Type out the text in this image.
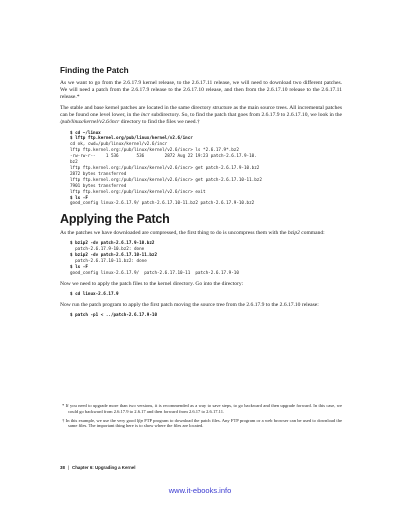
Finding the Patch

As we want to go from the 2.6.17.9 kernel release, to the 2.6.17.11 release, we will need to download two different patches. We will need a patch from the 2.6.17.9 release to the 2.6.17.10 release, and then from the 2.6.17.10 release to the 2.6.17.11 release.*

The stable and base kernel patches are located in the same directory structure as the main source trees. All incremental patches can be found one level lower, in the incr subdirectory. So, to find the patch that goes from 2.6.17.9 to 2.6.17.10, we look in the /pub/linux/kernel/v2.6/incr directory to find the files we need.†

$ cd ~/linux
$ lftp ftp.kernel.org/pub/linux/kernel/v2.6/incr
cd ok, cwd=/pub/linux/kernel/v2.6/incr
lftp ftp.kernel.org:/pub/linux/kernel/v2.6/incr> ls *2.6.17.9*.bz2
-rw-rw-r--    1 536       536        2872 Aug 22 19:23 patch-2.6.17.9-10.
bz2
lftp ftp.kernel.org:/pub/linux/kernel/v2.6/incr> get patch-2.6.17.9-10.bz2
2872 bytes transferred
lftp ftp.kernel.org:/pub/linux/kernel/v2.6/incr> get patch-2.6.17.10-11.bz2
7901 bytes transferred
lftp ftp.kernel.org:/pub/linux/kernel/v2.6/incr> exit
$ ls -F
good_config linux-2.6.17.9/ patch-2.6.17.10-11.bz2 patch-2.6.17.9-10.bz2
Applying the Patch

As the patches we have downloaded are compressed, the first thing to do is uncompress them with the bzip2 command:

$ bzip2 -dv patch-2.6.17.9-10.bz2
patch-2.6.17.9-10.bz2: done
$ bzip2 -dv patch-2.6.17.10-11.bz2
patch-2.6.17.10-11.bz2: done
$ ls -F
good_config linux-2.6.17.9/  patch-2.6.17.10-11  patch-2.6.17.9-10

Now we need to apply the patch files to the kernel directory. Go into the directory:

$ cd linux-2.6.17.9

Now run the patch program to apply the first patch moving the source tree from the 2.6.17.9 to the 2.6.17.10 release:

$ patch -p1 < ../patch-2.6.17.9-10

* If you need to upgrade more than two versions, it is recommended as a way to save steps, to go backward and then upgrade forward. In this case, we could go backward from 2.6.17.9 to 2.6.17 and then forward from 2.6.17 to 2.6.17.11.

† In this example, we use the very good lftp FTP program to download the patch files. Any FTP program or a web browser can be used to download the same files. The important thing here is to show where the files are located.

38 | Chapter 6: Upgrading a Kernel
www.it-ebooks.info
